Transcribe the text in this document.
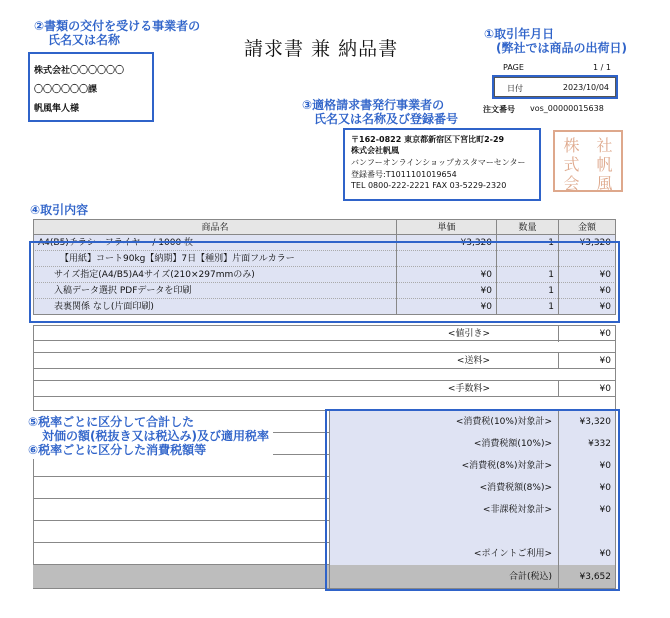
②書類の交付を受ける事業者の
氏名又は名称	請求書 兼 納品書
①取引年月日
(弊社では商品の出荷日)
株式会社〇〇〇〇〇〇
〇〇〇〇〇〇課
帆風隼人様
PAGE	1 / 1
日付	2023/10/04
③適格請求書発行事業者の
氏名又は名称及び登録番号
注文番号 vos_00000015638
〒162-0822 東京都新宿区下宮比町2-29
株式会社帆風
バンフーオンラインショップカスタマーセンター
登録番号:T1011101019654
TEL 0800-222-2221 FAX 03-5229-2320
株	社
式	帆
会	風
④取引内容
商品名	単価	数量	金額
A4(B5)チラシ・フライヤー / 1000 枚	¥3,320	1	¥3,320
【用紙】コート90kg【納期】7日【種別】片面フルカラー
サイズ指定(A4/B5)A4サイズ(210×297mmのみ)	¥0	1	¥0
入稿データ選択 PDFデータを印刷	¥0	1	¥0
表裏関係 なし(片面印刷)	¥0	1	¥0
<値引き>	¥0
<送料>	¥0
<手数料>	¥0
<消費税(10%)対象計>	¥3,320
<消費税額(10%)>	¥332
<消費税(8%)対象計>	¥0
<消費税額(8%)>	¥0
<非課税対象計>	¥0
<ポイントご利用>	¥0
合計(税込)	¥3,652
⑤税率ごとに区分して合計した
対価の額(税抜き又は税込み)及び適用税率
⑥税率ごとに区分した消費税額等
